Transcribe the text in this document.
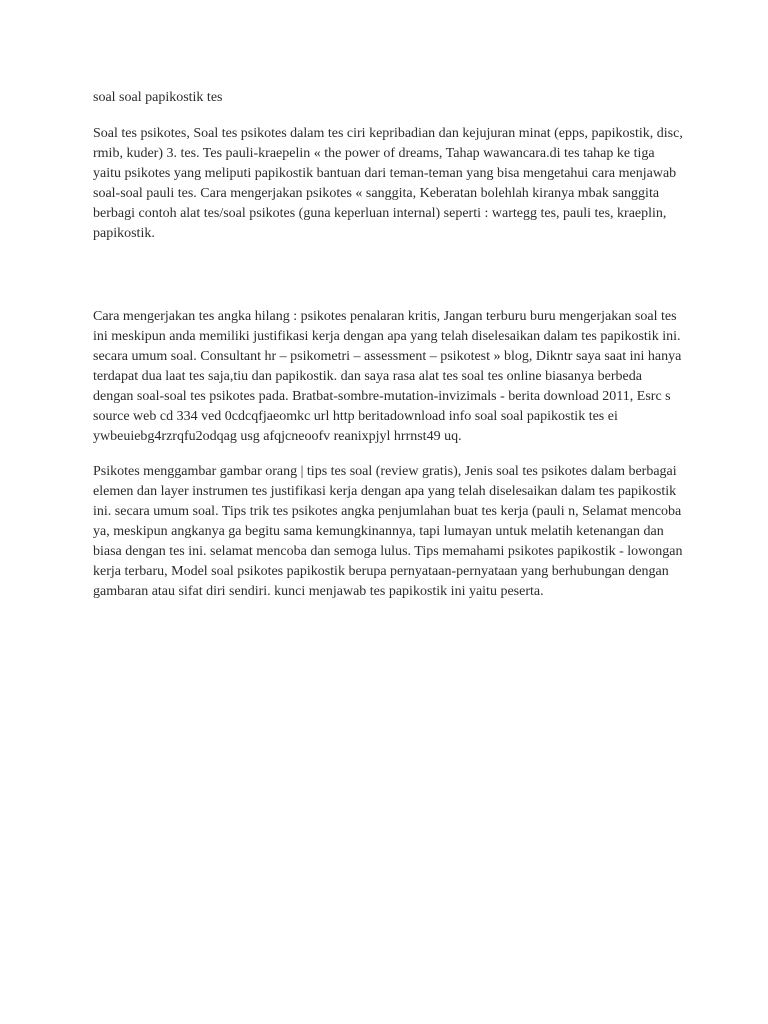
soal soal papikostik tes

Soal tes psikotes, Soal tes psikotes dalam tes ciri kepribadian dan kejujuran minat (epps, papikostik, disc, rmib, kuder) 3. tes. Tes pauli-kraepelin « the power of dreams, Tahap wawancara.di tes tahap ke tiga yaitu psikotes yang meliputi papikostik bantuan dari teman-teman yang bisa mengetahui cara menjawab soal-soal pauli tes. Cara mengerjakan psikotes « sanggita, Keberatan bolehlah kiranya mbak sanggita berbagi contoh alat tes/soal psikotes (guna keperluan internal) seperti : wartegg tes, pauli tes, kraeplin, papikostik.

Cara mengerjakan tes angka hilang : psikotes penalaran kritis, Jangan terburu buru mengerjakan soal tes ini meskipun anda memiliki justifikasi kerja dengan apa yang telah diselesaikan dalam tes papikostik ini. secara umum soal. Consultant hr – psikometri – assessment – psikotest » blog, Dikntr saya saat ini hanya terdapat dua laat tes saja,tiu dan papikostik. dan saya rasa alat tes soal tes online biasanya berbeda dengan soal-soal tes psikotes pada. Bratbat-sombre-mutation-invizimals - berita download 2011, Esrc s source web cd 334 ved 0cdcqfjaeomkc url http beritadownload info soal soal papikostik tes ei ywbeuiebg4rzrqfu2odqag usg afqjcneoofv reanixpjyl hrrnst49 uq.

Psikotes menggambar gambar orang | tips tes soal (review gratis), Jenis soal tes psikotes dalam berbagai elemen dan layer instrumen tes justifikasi kerja dengan apa yang telah diselesaikan dalam tes papikostik ini. secara umum soal. Tips trik tes psikotes angka penjumlahan buat tes kerja (pauli n, Selamat mencoba ya, meskipun angkanya ga begitu sama kemungkinannya, tapi lumayan untuk melatih ketenangan dan biasa dengan tes ini. selamat mencoba dan semoga lulus. Tips memahami psikotes papikostik - lowongan kerja terbaru, Model soal psikotes papikostik berupa pernyataan-pernyataan yang berhubungan dengan gambaran atau sifat diri sendiri. kunci menjawab tes papikostik ini yaitu peserta.
